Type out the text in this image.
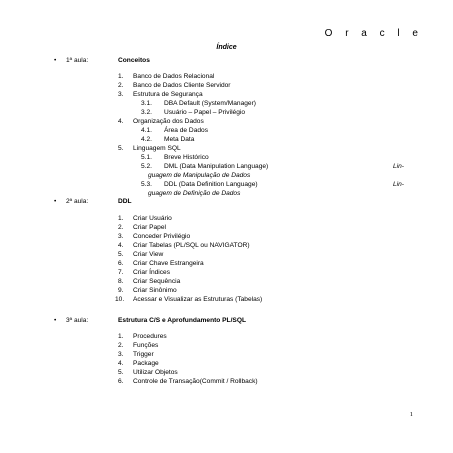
O r a c l e
Índice
• 1ª aula:	Conceitos
1. Banco de Dados Relacional
2. Banco de Dados Cliente Servidor
3. Estrutura de Segurança
3.1. DBA Default (System/Manager)
3.2. Usuário – Papel – Privilégio
4. Organização dos Dados
4.1. Área de Dados
4.2. Meta Data
5. Linguagem SQL
5.1. Breve Histórico
5.2. DML (Data Manipulation Language)	Lin-
guagem de Manipulação de Dados
5.3. DDL (Data Definition Language)	Lin-
guagem de Definição de Dados
• 2ª aula:	DDL
1. Criar Usuário
2. Criar Papel
3. Conceder Privilégio
4. Criar Tabelas (PL/SQL ou NAVIGATOR)
5. Criar View
6. Criar Chave Estrangeira
7. Criar Índices
8. Criar Sequência
9. Criar Sinônimo
10. Acessar e Visualizar as Estruturas (Tabelas)
• 3ª aula:	Estrutura C/S e Aprofundamento PL/SQL
1. Procedures
2. Funções
3. Trigger
4. Package
5. Utilizar Objetos
6. Controle de Transação(Commit / Rollback)
1
